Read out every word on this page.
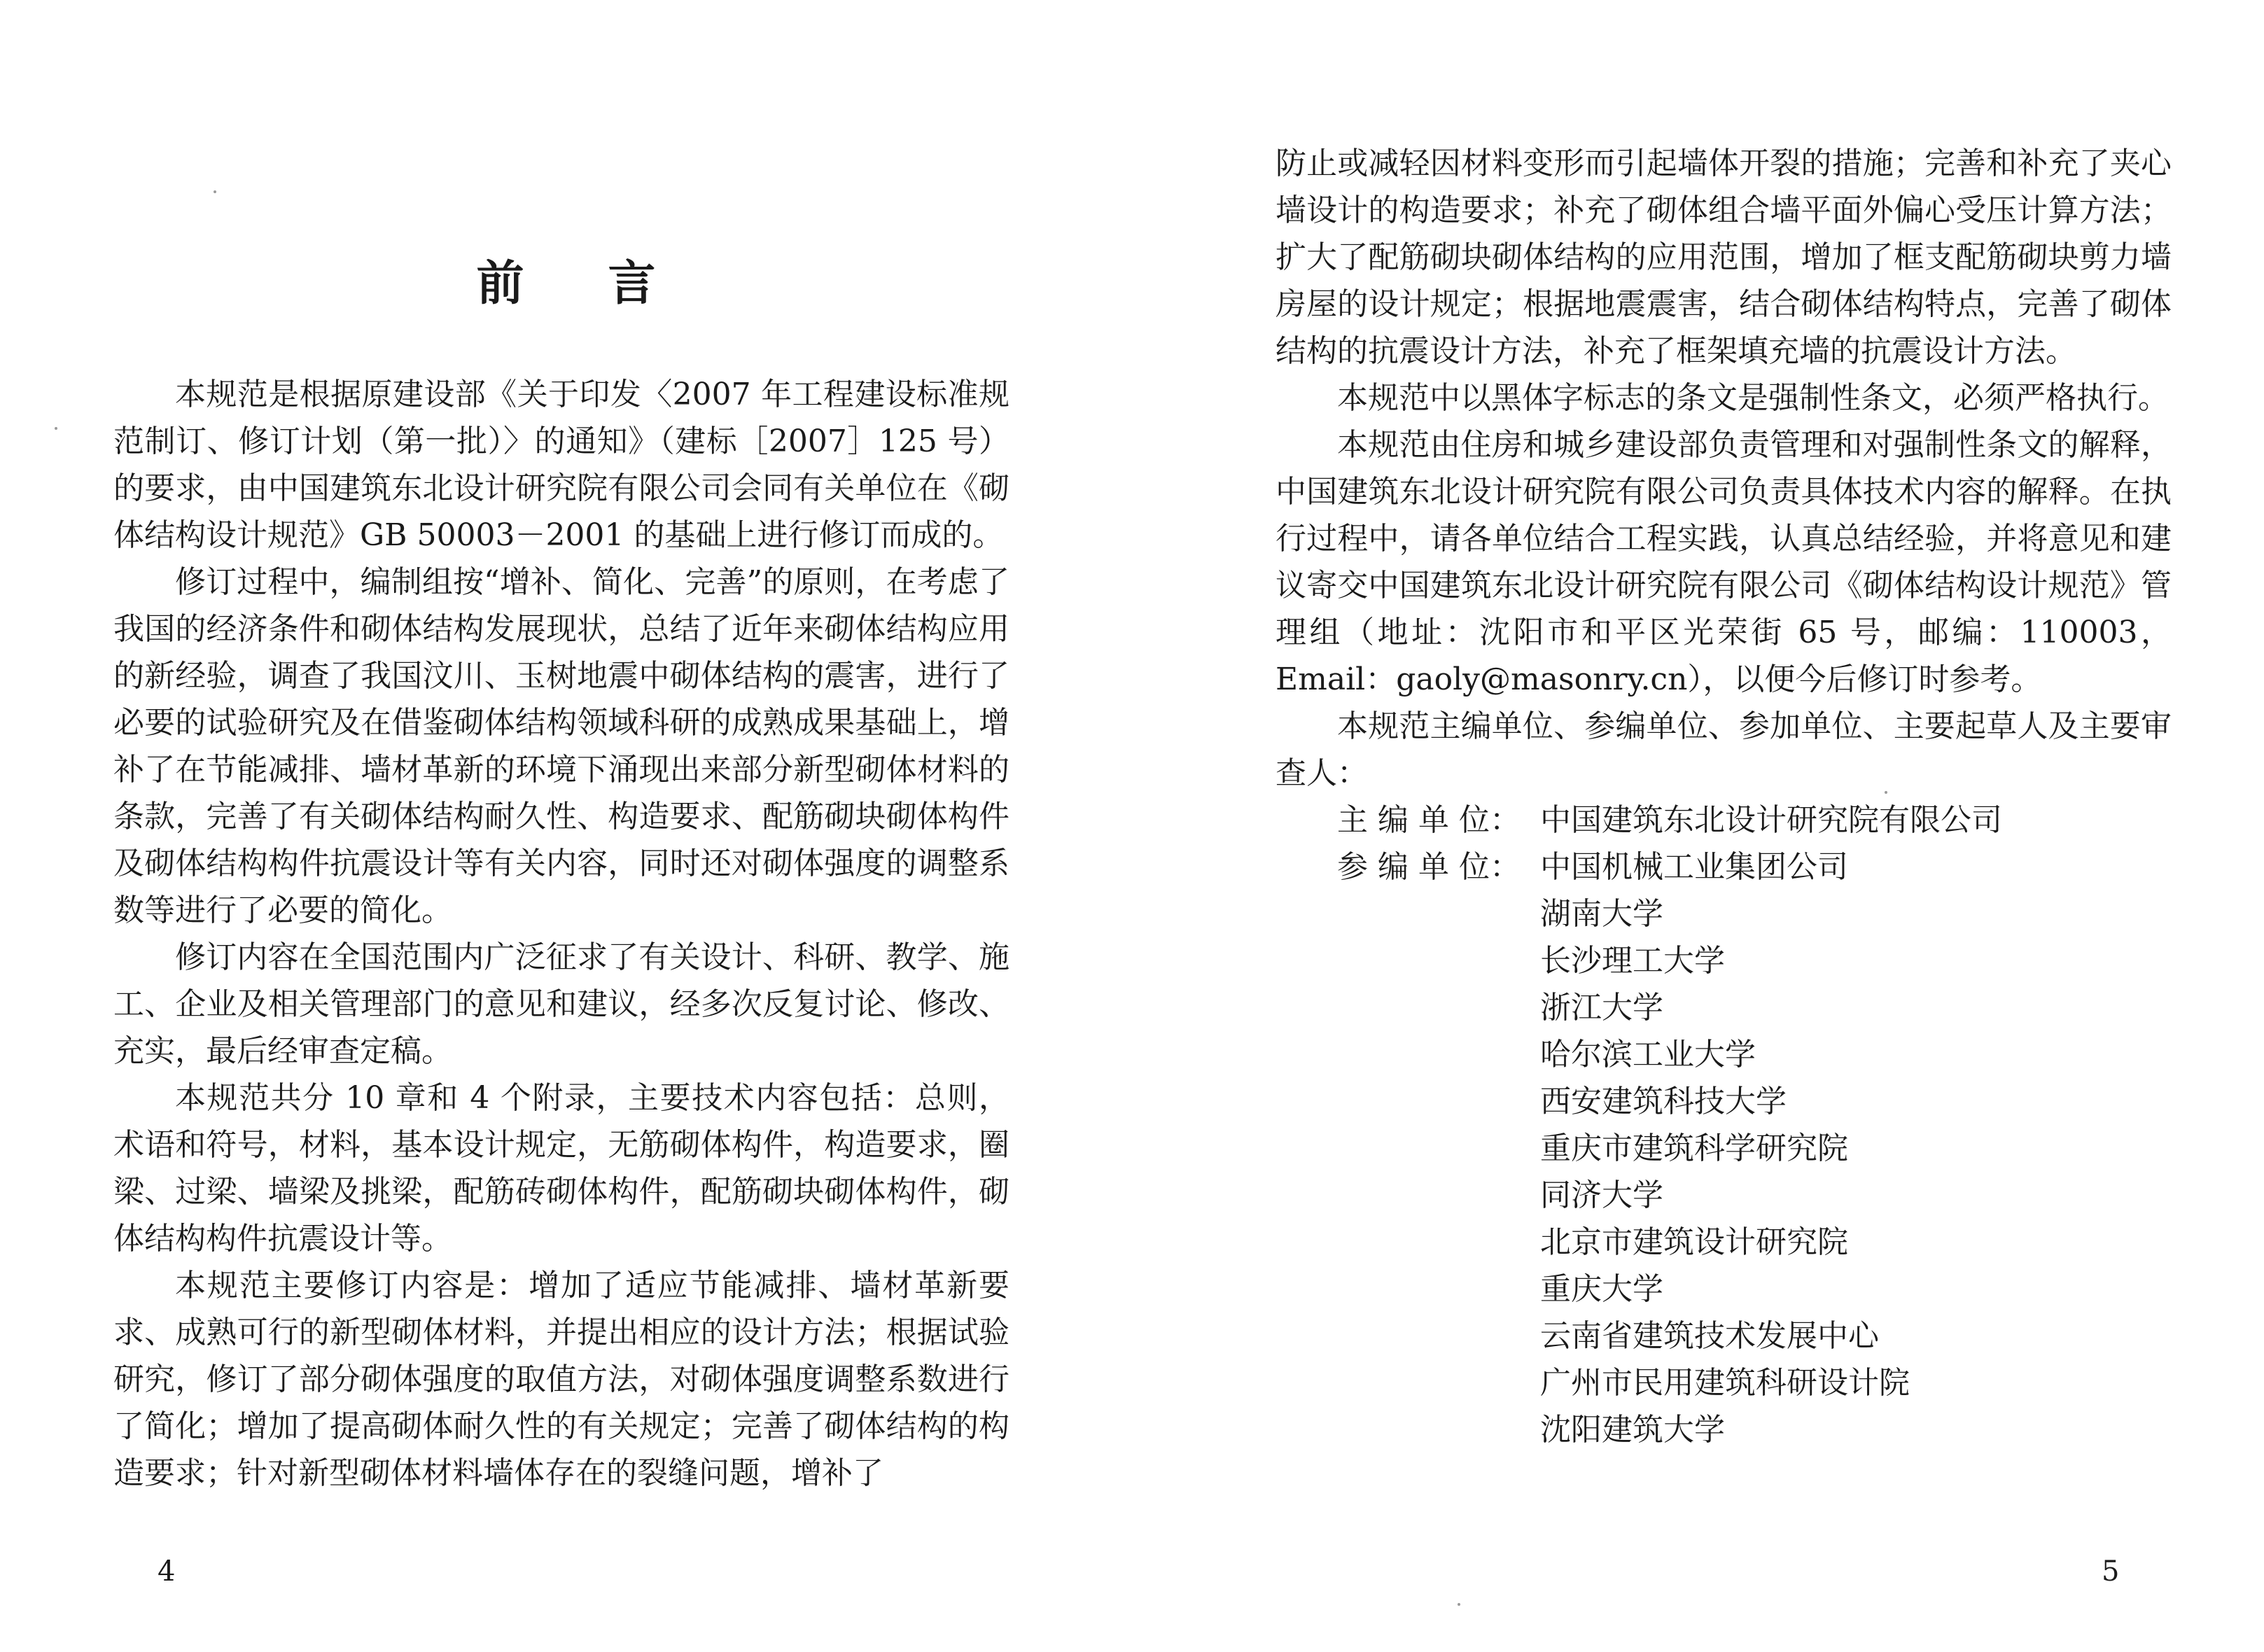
前言

本规范是根据原建设部《关于印发〈2007 年工程建设标准规范制订、修订计划（第一批）〉的通知》（建标［2007］125 号）的要求，由中国建筑东北设计研究院有限公司会同有关单位在《砌体结构设计规范》GB 50003－2001 的基础上进行修订而成的。

修订过程中，编制组按“增补、简化、完善”的原则，在考虑了我国的经济条件和砌体结构发展现状，总结了近年来砌体结构应用的新经验，调查了我国汶川、玉树地震中砌体结构的震害，进行了必要的试验研究及在借鉴砌体结构领域科研的成熟成果基础上，增补了在节能减排、墙材革新的环境下涌现出来部分新型砌体材料的条款，完善了有关砌体结构耐久性、构造要求、配筋砌块砌体构件及砌体结构构件抗震设计等有关内容，同时还对砌体强度的调整系数等进行了必要的简化。

修订内容在全国范围内广泛征求了有关设计、科研、教学、施工、企业及相关管理部门的意见和建议，经多次反复讨论、修改、充实，最后经审查定稿。

本规范共分 10 章和 4 个附录，主要技术内容包括：总则，术语和符号，材料，基本设计规定，无筋砌体构件，构造要求，圈梁、过梁、墙梁及挑梁，配筋砖砌体构件，配筋砌块砌体构件，砌体结构构件抗震设计等。

本规范主要修订内容是：增加了适应节能减排、墙材革新要求、成熟可行的新型砌体材料，并提出相应的设计方法；根据试验研究，修订了部分砌体强度的取值方法，对砌体强度调整系数进行了简化；增加了提高砌体耐久性的有关规定；完善了砌体结构的构造要求；针对新型砌体材料墙体存在的裂缝问题，增补了

4

防止或减轻因材料变形而引起墙体开裂的措施；完善和补充了夹心墙设计的构造要求；补充了砌体组合墙平面外偏心受压计算方法；扩大了配筋砌块砌体结构的应用范围，增加了框支配筋砌块剪力墙房屋的设计规定；根据地震震害，结合砌体结构特点，完善了砌体结构的抗震设计方法，补充了框架填充墙的抗震设计方法。

本规范中以黑体字标志的条文是强制性条文，必须严格执行。

本规范由住房和城乡建设部负责管理和对强制性条文的解释，中国建筑东北设计研究院有限公司负责具体技术内容的解释。在执行过程中，请各单位结合工程实践，认真总结经验，并将意见和建议寄交中国建筑东北设计研究院有限公司《砌体结构设计规范》管理组（地址：沈阳市和平区光荣街 65 号，邮编：110003，Email：gaoly@masonry.cn），以便今后修订时参考。

本规范主编单位、参编单位、参加单位、主要起草人及主要审查人：

主 编 单 位： 中国建筑东北设计研究院有限公司
参 编 单 位： 中国机械工业集团公司
湖南大学
长沙理工大学
浙江大学
哈尔滨工业大学
西安建筑科技大学
重庆市建筑科学研究院
同济大学
北京市建筑设计研究院
重庆大学
云南省建筑技术发展中心
广州市民用建筑科研设计院
沈阳建筑大学
5
